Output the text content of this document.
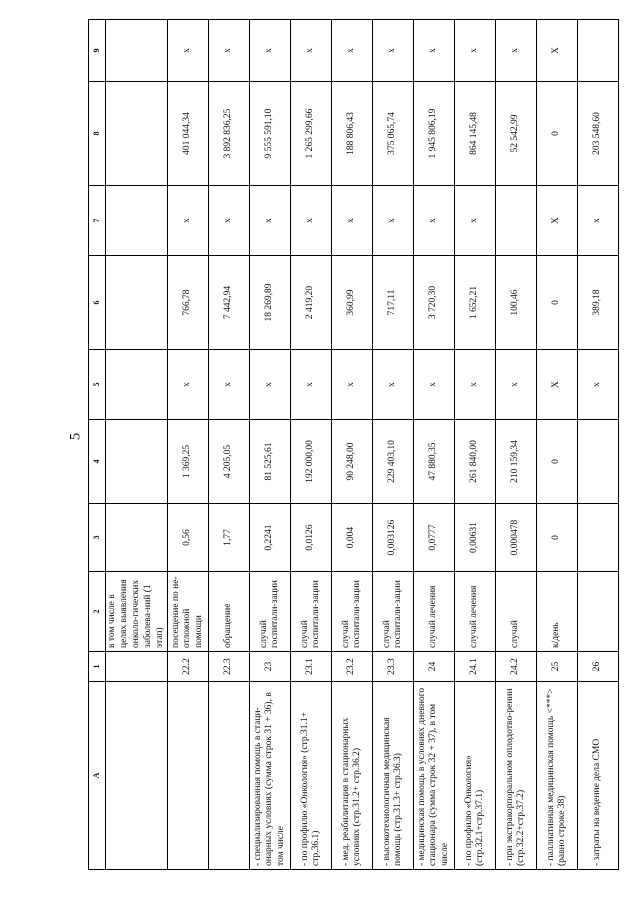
5
А	1	2	3	4	5	6	7	8	9
		в том числе в целях выявления онколо-гических заболева-ний (1 этап)							
	22.2	посещение по не-отложной помощи	0,56	1 369,25	х	766,78	х	401 044,34	х
	22.3	обращение	1,77	4 205,05	х	7 442,94	х	3 892 836,25	х
- специализированная помощь в стаци-онарных условиях (сумма строк 31 + 36), в том числе	23	случай госпитали-зации	0,2241	81 525,61	х	18 269,89	х	9 555 591,10	х
- по профилю «Онкология» (стр.31.1+ стр.36.1)	23.1	случай госпитали-зации	0,0126	192 000,00	х	2 419,20	х	1 265 299,66	х
- мед. реабилитация в стационарных условиях (стр.31.2+ стр.36.2)	23.2	случай госпитали-зации	0,004	90 248,00	х	360,99	х	188 806,43	х
- высокотехнологичная медицинская помощь (стр.31.3+ стр.36.3)	23.3	случай госпитали-зации	0,003126	229 403,10	х	717,11	х	375 065,74	х
- медицинская помощь в условиях дневного стационара (сумма строк 32 + 37), в том числе	24	случай лечения	0,0777	47 880,35	х	3 720,30	х	1 945 806,19	х
- по профилю «Онкология» (стр.32.1+стр.37.1)	24.1	случай лечения	0,00631	261 840,00	х	1 652,21	х	864 145,48	х
- при экстракорпоральном оплодотво-рении (стр.32.2+стр.37.2)	24.2	случай	0,000478	210 159,34	х	100,46		52 542,99	х
- паллиативная медицинская помощь <***> (равно строке 38)	25	к/день	0	0	Х	0	Х	0	Х
- затраты на ведение дела СМО	26				х	389,18	х	203 548,60	
